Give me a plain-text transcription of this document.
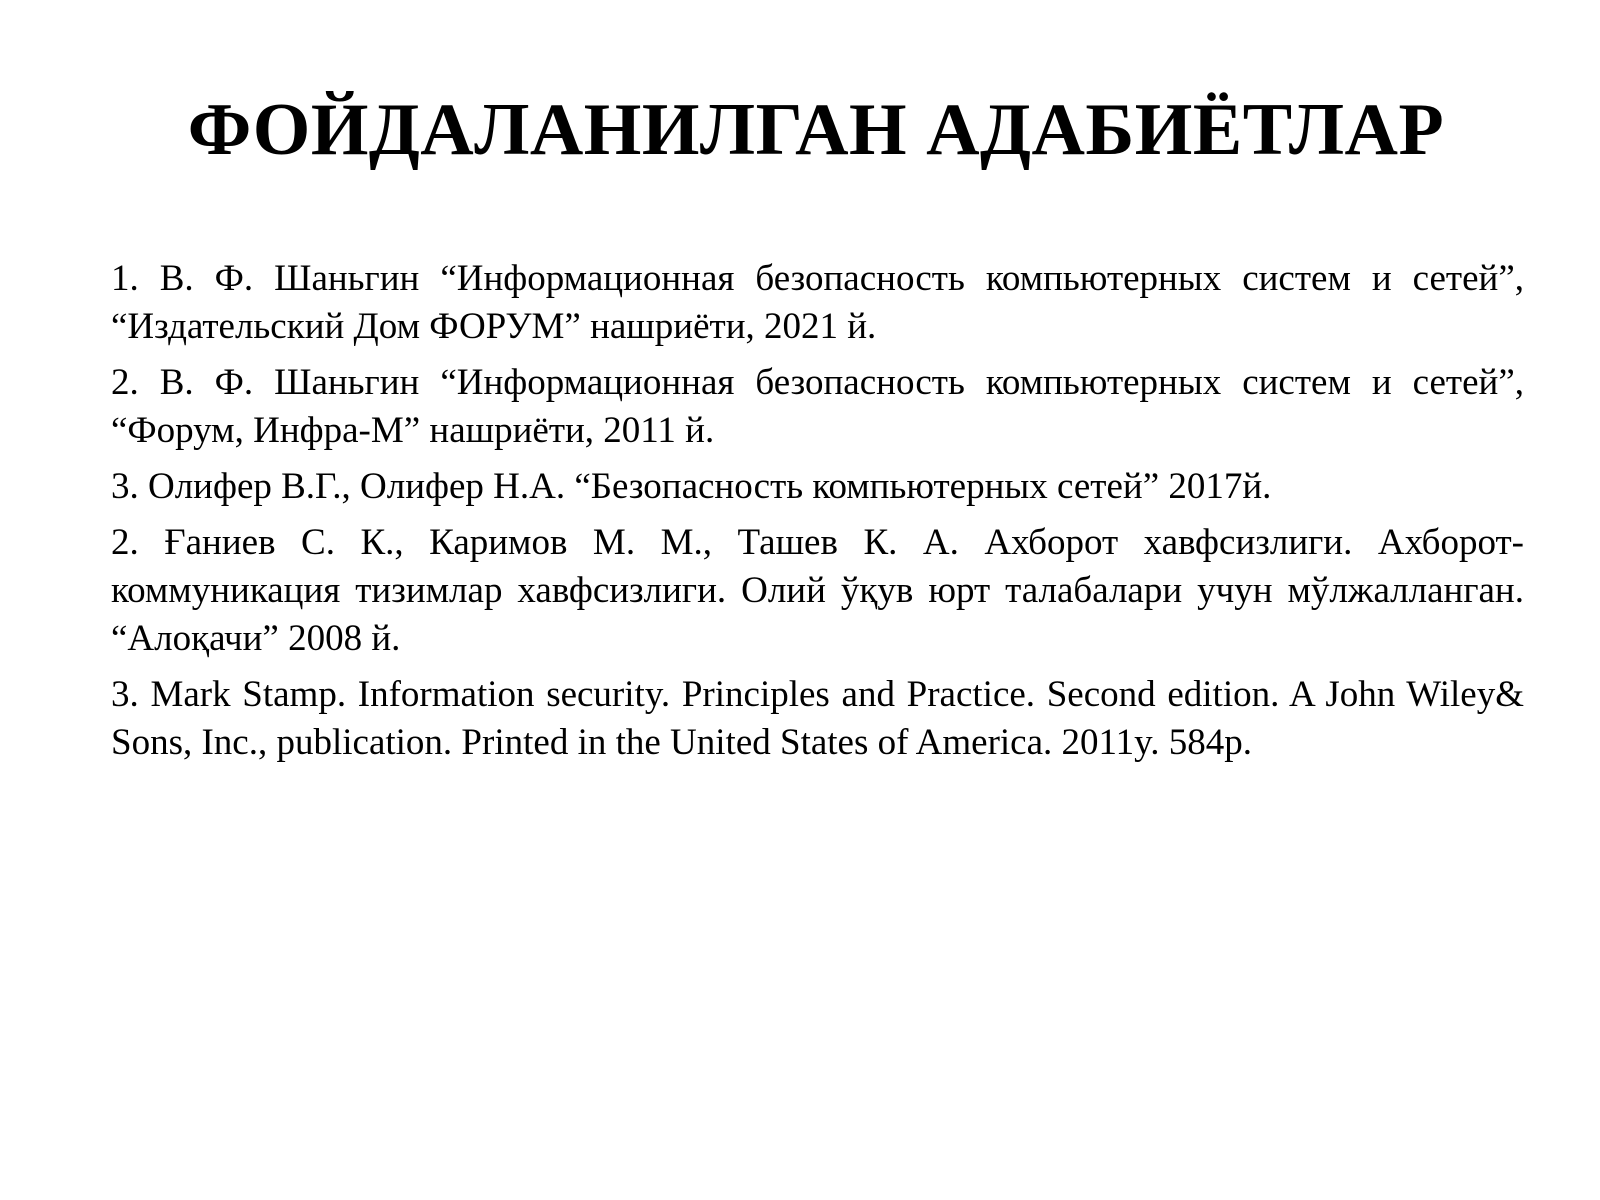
ФОЙДАЛАНИЛГАН АДАБИЁТЛАР
1. В. Ф. Шаньгин “Информационная безопасность компьютерных систем и сетей”, “Издательский Дом ФОРУМ” нашриёти, 2021 й.
2. В. Ф. Шаньгин “Информационная безопасность компьютерных систем и сетей”, “Форум, Инфра-М” нашриёти, 2011 й.
3. Олифер В.Г., Олифер Н.А. “Безопасность компьютерных сетей” 2017й.
2. Ғаниев С. К., Каримов М. М., Ташев К. А. Ахборот хавфсизлиги. Ахборот-коммуникация тизимлар хавфсизлиги. Олий ўқув юрт талабалари учун мўлжалланган. “Алоқачи” 2008 й.
3. Mark Stamp. Information security. Principles and Practice. Second edition. A John Wiley& Sons, Inc., publication. Printed in the United States of America. 2011y. 584p.
